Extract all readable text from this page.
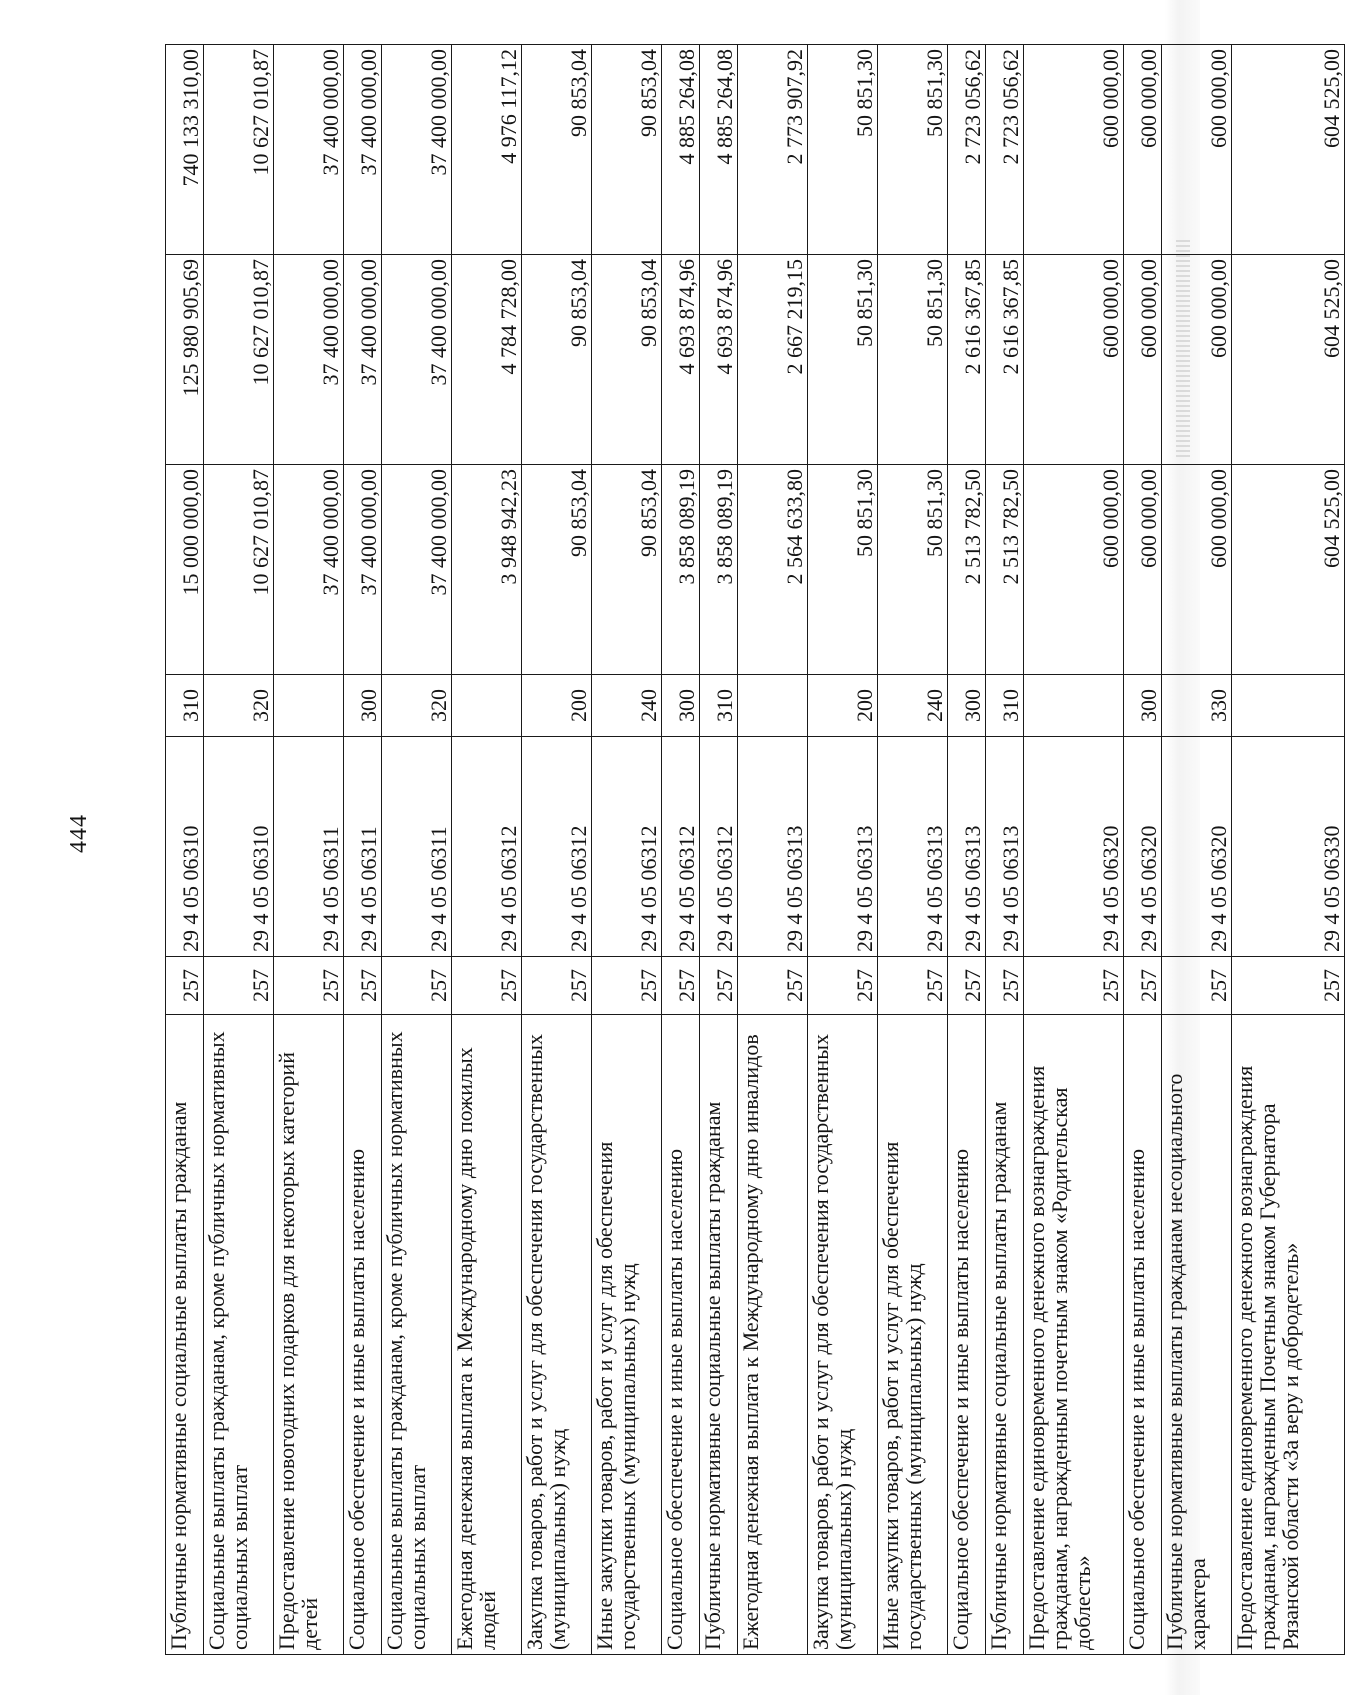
444
Публичные нормативные социальные выплаты гражданам	257	29 4 05 06310	310	15 000 000,00	125 980 905,69	740 133 310,00
Социальные выплаты гражданам, кроме публичных нормативных социальных выплат	257	29 4 05 06310	320	10 627 010,87	10 627 010,87	10 627 010,87
Предоставление новогодних подарков для некоторых категорий детей	257	29 4 05 06311		37 400 000,00	37 400 000,00	37 400 000,00
Социальное обеспечение и иные выплаты населению	257	29 4 05 06311	300	37 400 000,00	37 400 000,00	37 400 000,00
Социальные выплаты гражданам, кроме публичных нормативных социальных выплат	257	29 4 05 06311	320	37 400 000,00	37 400 000,00	37 400 000,00
Ежегодная денежная выплата к Международному дню пожилых людей	257	29 4 05 06312		3 948 942,23	4 784 728,00	4 976 117,12
Закупка товаров, работ и услуг для обеспечения государственных (муниципальных) нужд	257	29 4 05 06312	200	90 853,04	90 853,04	90 853,04
Иные закупки товаров, работ и услуг для обеспечения государственных (муниципальных) нужд	257	29 4 05 06312	240	90 853,04	90 853,04	90 853,04
Социальное обеспечение и иные выплаты населению	257	29 4 05 06312	300	3 858 089,19	4 693 874,96	4 885 264,08
Публичные нормативные социальные выплаты гражданам	257	29 4 05 06312	310	3 858 089,19	4 693 874,96	4 885 264,08
Ежегодная денежная выплата к Международному дню инвалидов	257	29 4 05 06313		2 564 633,80	2 667 219,15	2 773 907,92
Закупка товаров, работ и услуг для обеспечения государственных (муниципальных) нужд	257	29 4 05 06313	200	50 851,30	50 851,30	50 851,30
Иные закупки товаров, работ и услуг для обеспечения государственных (муниципальных) нужд	257	29 4 05 06313	240	50 851,30	50 851,30	50 851,30
Социальное обеспечение и иные выплаты населению	257	29 4 05 06313	300	2 513 782,50	2 616 367,85	2 723 056,62
Публичные нормативные социальные выплаты гражданам	257	29 4 05 06313	310	2 513 782,50	2 616 367,85	2 723 056,62
Предоставление единовременного денежного вознаграждения гражданам, награжденным почетным знаком «Родительская доблесть»	257	29 4 05 06320		600 000,00	600 000,00	600 000,00
Социальное обеспечение и иные выплаты населению	257	29 4 05 06320	300	600 000,00	600 000,00	600 000,00
Публичные нормативные выплаты гражданам несоциального характера	257	29 4 05 06320	330	600 000,00	600 000,00	600 000,00
Предоставление единовременного денежного вознаграждения гражданам, награжденным Почетным знаком Губернатора Рязанской области «За веру и добродетель»	257	29 4 05 06330		604 525,00	604 525,00	604 525,00
